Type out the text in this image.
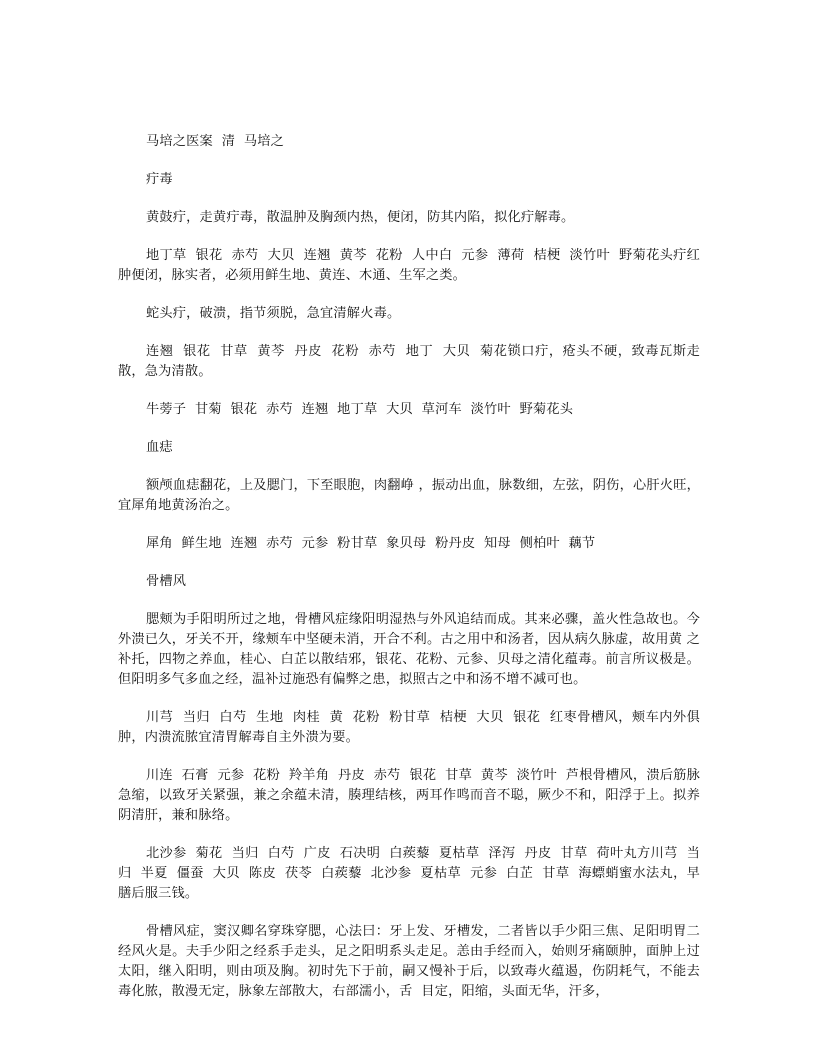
马培之医案  清  马培之

疔毒

黄鼓疔，走黄疔毒，散温肿及胸颈内热，便闭，防其内陷，拟化疔解毒。

地丁草  银花  赤芍  大贝  连翘  黄芩  花粉  人中白  元参  薄荷  桔梗  淡竹叶  野菊花头疔红肿便闭，脉实者，必须用鲜生地、黄连、木通、生军之类。

蛇头疔，破溃，指节须脱，急宜清解火毒。

连翘  银花  甘草  黄芩  丹皮  花粉  赤芍  地丁  大贝  菊花锁口疔，疮头不硬，致毒瓦斯走散，急为清散。

牛蒡子  甘菊  银花  赤芍  连翘  地丁草  大贝  草河车  淡竹叶  野菊花头

血痣

额颅血痣翻花，上及腮门，下至眼胞，肉翻峥 ，振动出血，脉数细，左弦，阴伤，心肝火旺，宜犀角地黄汤治之。

犀角  鲜生地  连翘  赤芍  元参  粉甘草  象贝母  粉丹皮  知母  侧柏叶  藕节

骨槽风

腮颊为手阳明所过之地，骨槽风症缘阳明湿热与外风追结而成。其来必骤，盖火性急故也。今外溃已久，牙关不开，缘颊车中坚硬未消，开合不利。古之用中和汤者，因从病久脉虚，故用黄 之补托，四物之养血，桂心、白芷以散结邪，银花、花粉、元参、贝母之清化蕴毒。前言所议极是。但阳明多气多血之经，温补过施恐有偏弊之患，拟照古之中和汤不增不减可也。

川芎  当归  白芍  生地  肉桂  黄  花粉  粉甘草  桔梗  大贝  银花  红枣骨槽风，颊车内外俱肿，内溃流脓宜清胃解毒自主外溃为要。

川连  石膏  元参  花粉  羚羊角  丹皮  赤芍  银花  甘草  黄芩  淡竹叶  芦根骨槽风，溃后筋脉急缩，以致牙关紧强，兼之余蕴未清，腠理结核，两耳作鸣而音不聪，厥少不和，阳浮于上。拟养阴清肝，兼和脉络。

北沙参  菊花  当归  白芍  广皮  石决明  白蒺藜  夏枯草  泽泻  丹皮  甘草  荷叶丸方川芎  当归  半夏  僵蚕  大贝  陈皮  茯苓  白蒺藜  北沙参  夏枯草  元参  白芷  甘草  海螵蛸蜜水法丸，早膳后服三钱。

骨槽风症，窦汉卿名穿珠穿腮，心法曰：牙上发、牙槽发，二者皆以手少阳三焦、足阳明胃二经风火是。夫手少阳之经系手走头，足之阳明系头走足。恙由手经而入，始则牙痛颐肿，面肿上过太阳，继入阳明，则由项及胸。初时先下于前，嗣又慢补于后，以致毒火蕴遏，伤阴耗气，不能去毒化脓，散漫无定，脉象左部散大，右部濡小，舌  目定，阳缩，头面无华，汗多，
